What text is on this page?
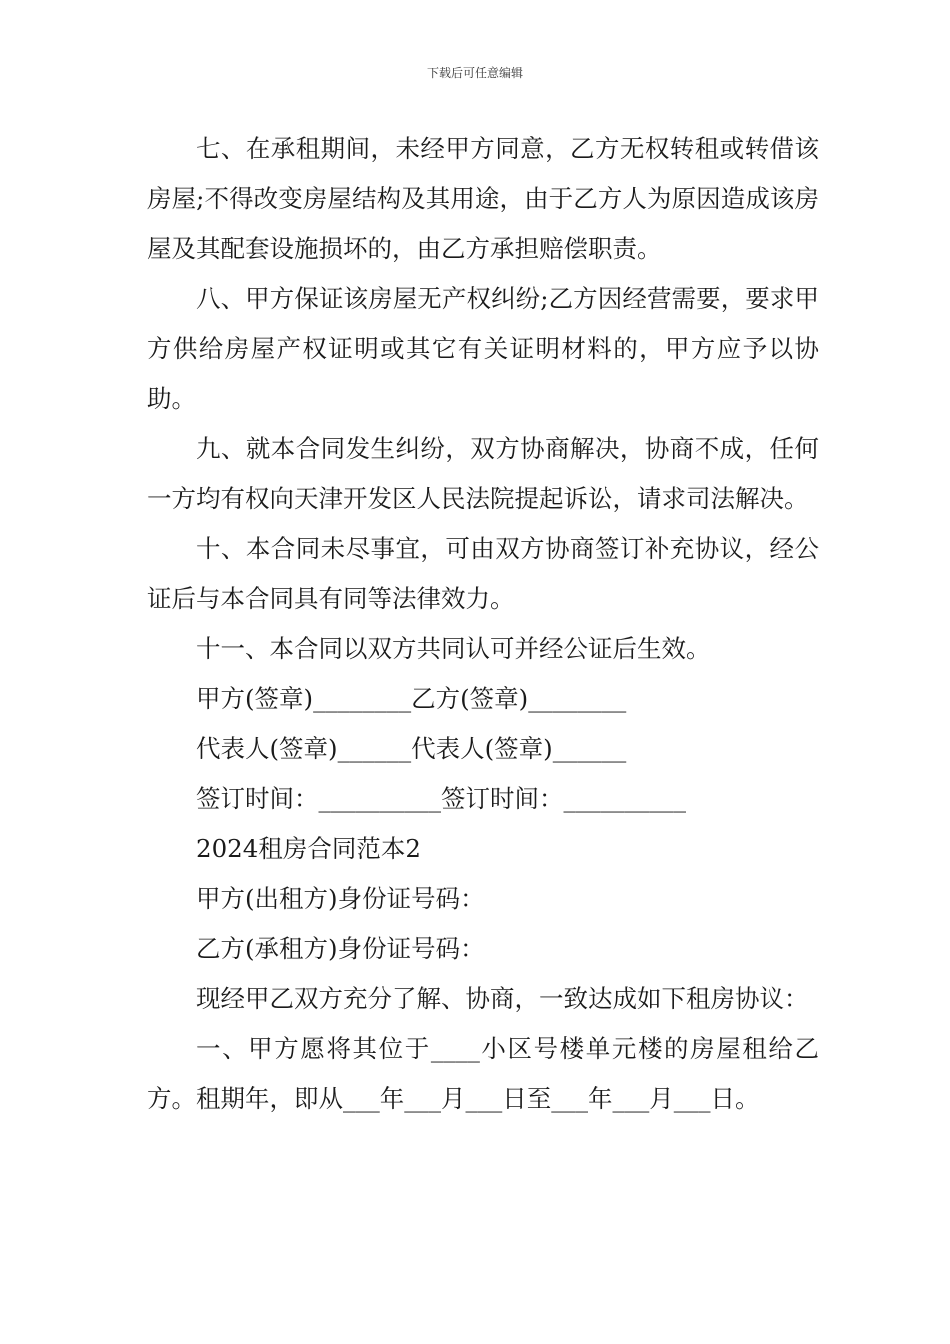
下载后可任意编辑

七、在承租期间，未经甲方同意，乙方无权转租或转借该房屋;不得改变房屋结构及其用途，由于乙方人为原因造成该房屋及其配套设施损坏的，由乙方承担赔偿职责。

八、甲方保证该房屋无产权纠纷;乙方因经营需要，要求甲方供给房屋产权证明或其它有关证明材料的，甲方应予以协助。

九、就本合同发生纠纷，双方协商解决，协商不成，任何一方均有权向天津开发区人民法院提起诉讼，请求司法解决。

十、本合同未尽事宜，可由双方协商签订补充协议，经公证后与本合同具有同等法律效力。

十一、本合同以双方共同认可并经公证后生效。

甲方(签章)________乙方(签章)________

代表人(签章)______代表人(签章)______

签订时间：__________签订时间：__________

2024租房合同范本2

甲方(出租方)身份证号码：

乙方(承租方)身份证号码：

现经甲乙双方充分了解、协商，一致达成如下租房协议：

一、甲方愿将其位于____小区号楼单元楼的房屋租给乙方。租期年，即从___年___月___日至___年___月___日。
